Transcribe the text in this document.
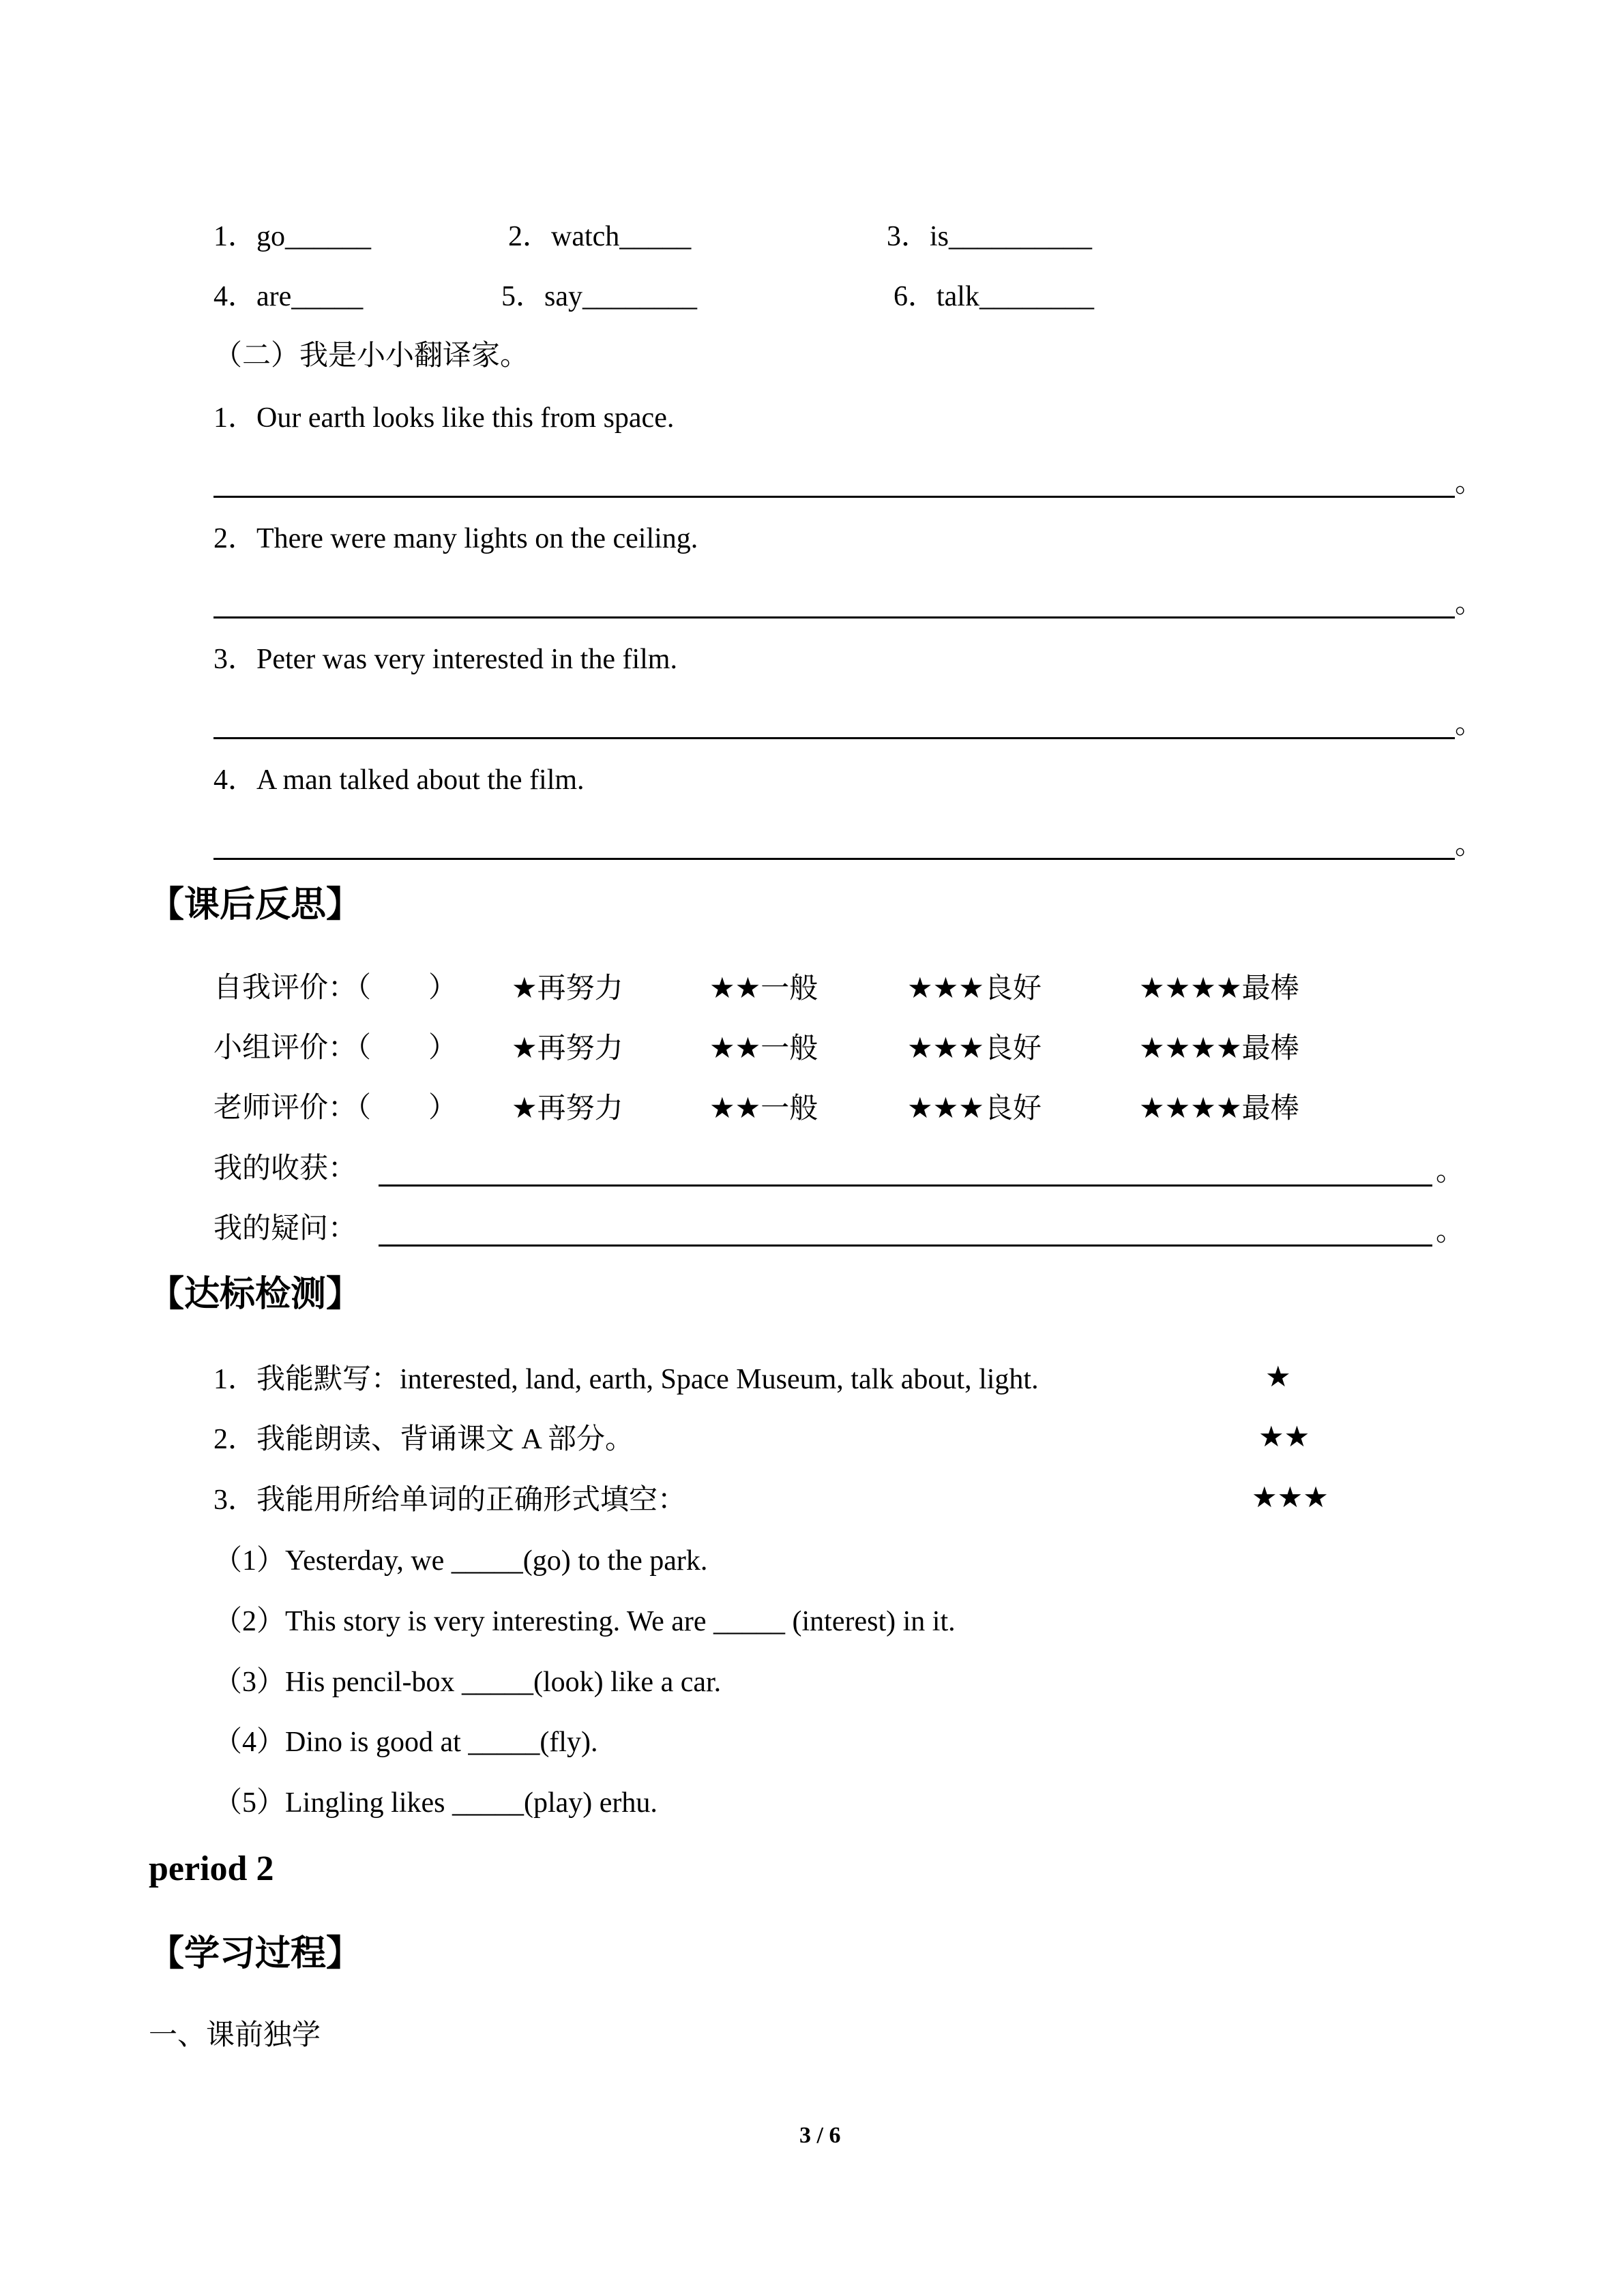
1．go______	2．watch_____	3．is__________
4．are_____	5．say________	6．talk________
（二）我是小小翻译家。
1．Our earth looks like this from space.
。
2．There were many lights on the ceiling.
。
3．Peter was very interested in the film.
。
4．A man talked about the film.
。
【课后反思】
自我评价：（　　） ★再努力	★★一般	★★★良好	★★★★最棒
小组评价：（　　） ★再努力	★★一般	★★★良好	★★★★最棒
老师评价：（　　） ★再努力	★★一般	★★★良好	★★★★最棒
我的收获：	。
我的疑问：	。
【达标检测】
1．我能默写：interested, land, earth, Space Museum, talk about, light.	★
2．我能朗读、背诵课文 A 部分。	★★
3．我能用所给单词的正确形式填空：	★★★
（1）Yesterday, we _____(go) to the park.
（2）This story is very interesting. We are _____ (interest) in it.
（3）His pencil-box _____(look) like a car.
（4）Dino is good at _____(fly).
（5）Lingling likes _____(play) erhu.
period 2
【学习过程】
一、课前独学
3 / 6
